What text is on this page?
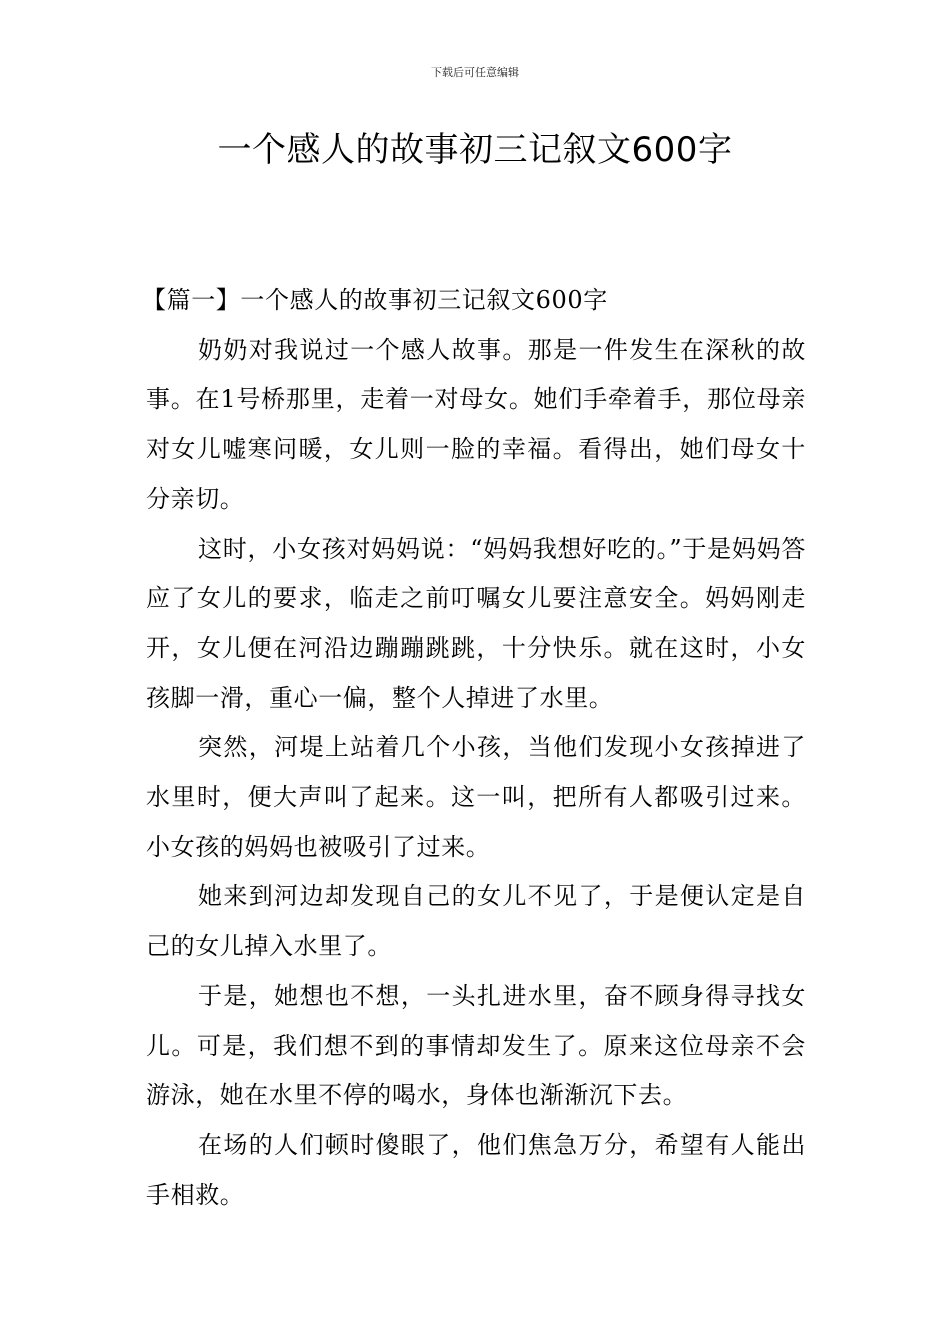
下载后可任意编辑
一个感人的故事初三记叙文600字

【篇一】一个感人的故事初三记叙文600字

奶奶对我说过一个感人故事。那是一件发生在深秋的故事。在1号桥那里，走着一对母女。她们手牵着手，那位母亲对女儿嘘寒问暖，女儿则一脸的幸福。看得出，她们母女十分亲切。

这时，小女孩对妈妈说：“妈妈我想好吃的。”于是妈妈答应了女儿的要求，临走之前叮嘱女儿要注意安全。妈妈刚走开，女儿便在河沿边蹦蹦跳跳，十分快乐。就在这时，小女孩脚一滑，重心一偏，整个人掉进了水里。

突然，河堤上站着几个小孩，当他们发现小女孩掉进了水里时，便大声叫了起来。这一叫，把所有人都吸引过来。小女孩的妈妈也被吸引了过来。

她来到河边却发现自己的女儿不见了，于是便认定是自己的女儿掉入水里了。

于是，她想也不想，一头扎进水里，奋不顾身得寻找女儿。可是，我们想不到的事情却发生了。原来这位母亲不会游泳，她在水里不停的喝水，身体也渐渐沉下去。

在场的人们顿时傻眼了，他们焦急万分，希望有人能出手相救。
